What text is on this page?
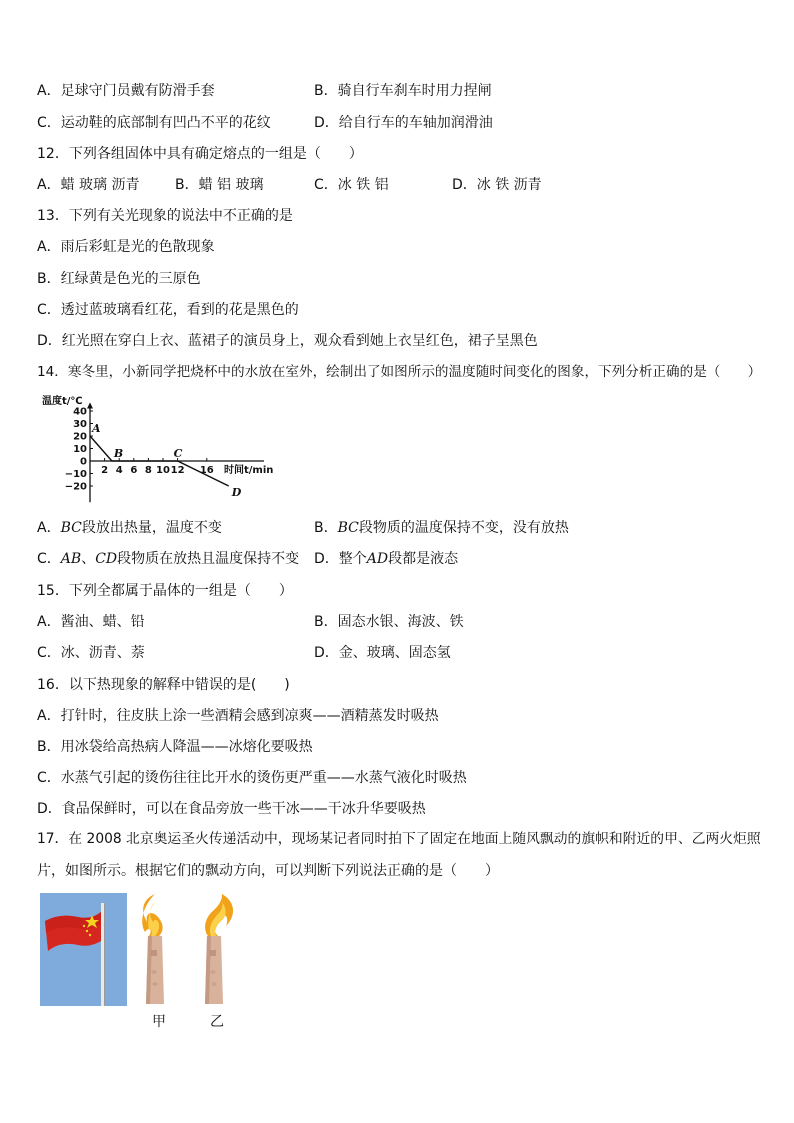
A．足球守门员戴有防滑手套	B．骑自行车刹车时用力捏闸
C．运动鞋的底部制有凹凸不平的花纹	D．给自行车的车轴加润滑油
12．下列各组固体中具有确定熔点的一组是（　　）
A．蜡 玻璃 沥青	B．蜡 铝 玻璃	C．冰 铁 铝	D．冰 铁 沥青
13．下列有关光现象的说法中不正确的是
A．雨后彩虹是光的色散现象
B．红绿黄是色光的三原色
C．透过蓝玻璃看红花，看到的花是黑色的
D．红光照在穿白上衣、蓝裙子的演员身上，观众看到她上衣呈红色，裙子呈黑色
14．寒冬里，小新同学把烧杯中的水放在室外，绘制出了如图所示的温度随时间变化的图象，下列分析正确的是（　　）
温度t/℃
40
30
20
10
0
−10
−20
2 4 6 8 10 12 16 时间t/min
A
B	C
D
A．BC段放出热量，温度不变	B．BC段物质的温度保持不变，没有放热
C．AB、CD段物质在放热且温度保持不变 D．整个AD段都是液态
15．下列全都属于晶体的一组是（　　）
A．酱油、蜡、铅	B．固态水银、海波、铁
C．冰、沥青、萘	D．金、玻璃、固态氢
16．以下热现象的解释中错误的是(　　)
A．打针时，往皮肤上涂一些酒精会感到凉爽——酒精蒸发时吸热
B．用冰袋给高热病人降温——冰熔化要吸热
C．水蒸气引起的烫伤往往比开水的烫伤更严重——水蒸气液化时吸热
D．食品保鲜时，可以在食品旁放一些干冰——干冰升华要吸热
17．在 2008 北京奥运圣火传递活动中，现场某记者同时拍下了固定在地面上随风飘动的旗帜和附近的甲、乙两火炬照
片，如图所示。根据它们的飘动方向，可以判断下列说法正确的是（　　）
甲	乙
